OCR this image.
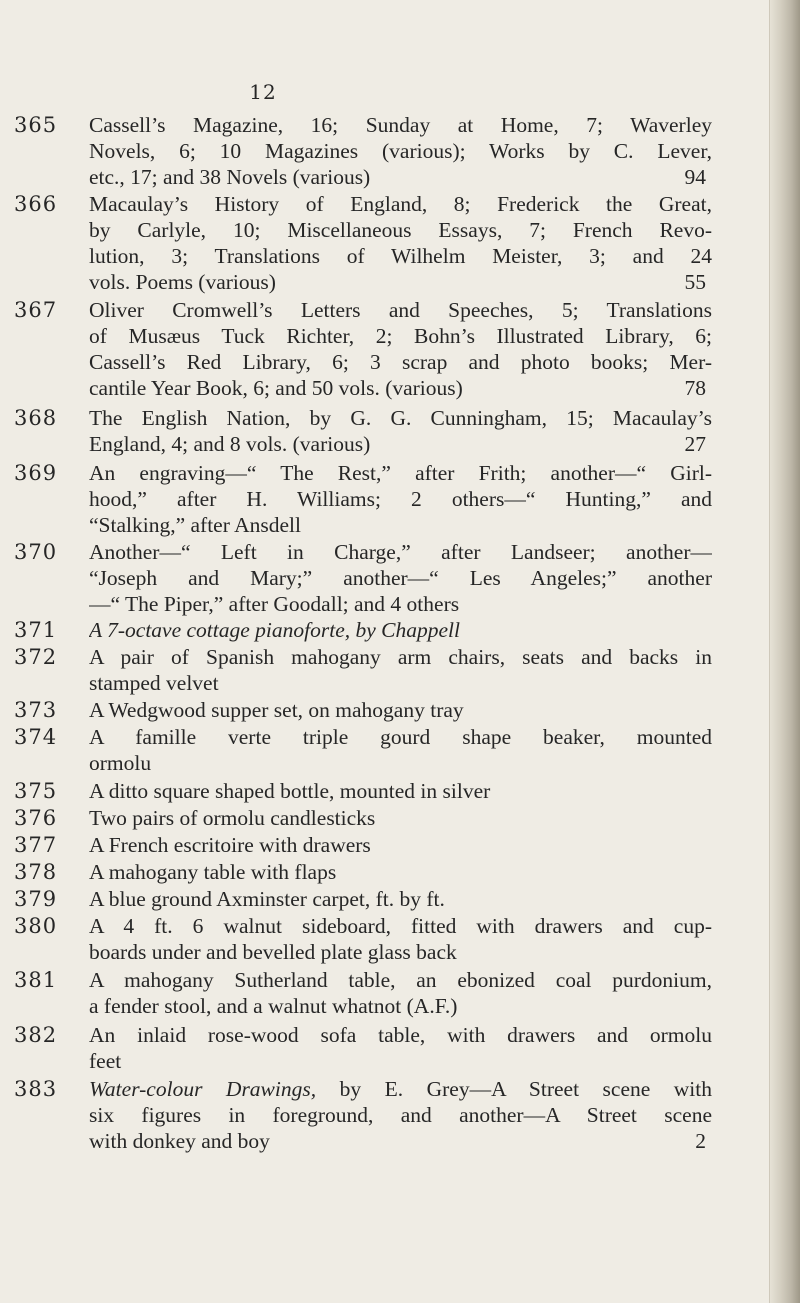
12
365	Cassell’s Magazine, 16; Sunday at Home, 7; Waverley
Novels, 6; 10 Magazines (various); Works by C. Lever,
etc., 17; and 38 Novels (various)	94
366	Macaulay’s History of England, 8; Frederick the Great,
by Carlyle, 10; Miscellaneous Essays, 7; French Revo-
lution, 3; Translations of Wilhelm Meister, 3; and 24
vols. Poems (various)	55
367	Oliver Cromwell’s Letters and Speeches, 5; Translations
of Musæus Tuck Richter, 2; Bohn’s Illustrated Library, 6;
Cassell’s Red Library, 6; 3 scrap and photo books; Mer-
cantile Year Book, 6; and 50 vols. (various)	78
368	The English Nation, by G. G. Cunningham, 15; Macaulay’s
England, 4; and 8 vols. (various)	27
369	An engraving—“ The Rest,” after Frith; another—“ Girl-
hood,” after H. Williams; 2 others—“ Hunting,” and
“Stalking,” after Ansdell
370	Another—“ Left in Charge,” after Landseer; another—
“Joseph and Mary;” another—“ Les Angeles;” another
—“ The Piper,” after Goodall; and 4 others
371	A 7-octave cottage pianoforte, by Chappell
372	A pair of Spanish mahogany arm chairs, seats and backs in
stamped velvet
373	A Wedgwood supper set, on mahogany tray
374	A famille verte triple gourd shape beaker, mounted
ormolu
375	A ditto square shaped bottle, mounted in silver
376	Two pairs of ormolu candlesticks
377	A French escritoire with drawers
378	A mahogany table with flaps
379	A blue ground Axminster carpet, ft. by ft.
380	A 4 ft. 6 walnut sideboard, fitted with drawers and cup-
boards under and bevelled plate glass back
381	A mahogany Sutherland table, an ebonized coal purdonium,
a fender stool, and a walnut whatnot (A.F.)
382	An inlaid rose-wood sofa table, with drawers and ormolu
feet
383	Water-colour Drawings, by E. Grey—A Street scene with
six figures in foreground, and another—A Street scene
with donkey and boy	2
